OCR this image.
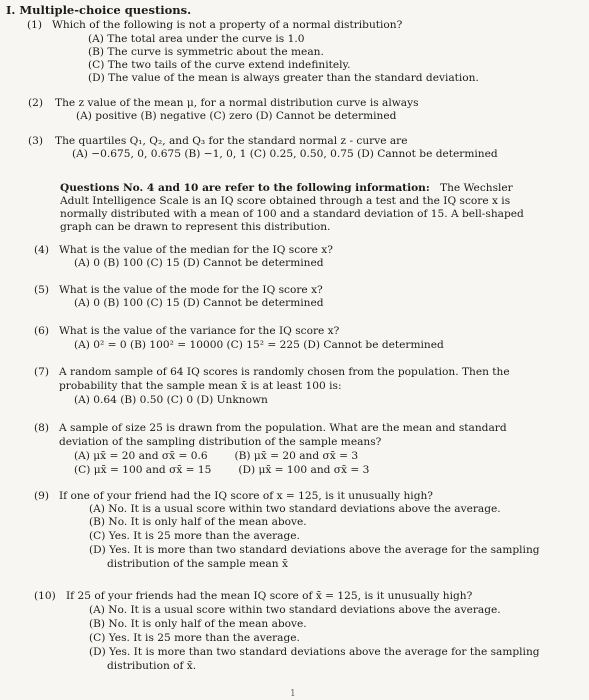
I. Multiple-choice questions.
(1) Which of the following is not a property of a normal distribution?
(A) The total area under the curve is 1.0
(B) The curve is symmetric about the mean.
(C) The two tails of the curve extend indefinitely.
(D) The value of the mean is always greater than the standard deviation.
(2) The z value of the mean μ, for a normal distribution curve is always
(A) positive (B) negative (C) zero (D) Cannot be determined
(3) The quartiles Q₁, Q₂, and Q₃ for the standard normal z - curve are
(A) −0.675, 0, 0.675 (B) −1, 0, 1 (C) 0.25, 0.50, 0.75 (D) Cannot be determined
Questions No. 4 and 10 are refer to the following information: The Wechsler
Adult Intelligence Scale is an IQ score obtained through a test and the IQ score x is
normally distributed with a mean of 100 and a standard deviation of 15. A bell-shaped
graph can be drawn to represent this distribution.
(4) What is the value of the median for the IQ score x?
(A) 0 (B) 100 (C) 15 (D) Cannot be determined
(5) What is the value of the mode for the IQ score x?
(A) 0 (B) 100 (C) 15 (D) Cannot be determined
(6) What is the value of the variance for the IQ score x?
(A) 0² = 0 (B) 100² = 10000 (C) 15² = 225 (D) Cannot be determined
(7) A random sample of 64 IQ scores is randomly chosen from the population. Then the
probability that the sample mean x̄ is at least 100 is:
(A) 0.64 (B) 0.50 (C) 0 (D) Unknown
(8) A sample of size 25 is drawn from the population. What are the mean and standard
deviation of the sampling distribution of the sample means?
(A) μx̄ = 20 and σx̄ = 0.6        (B) μx̄ = 20 and σx̄ = 3
(C) μx̄ = 100 and σx̄ = 15        (D) μx̄ = 100 and σx̄ = 3
(9) If one of your friend had the IQ score of x = 125, is it unusually high?
(A) No. It is a usual score within two standard deviations above the average.
(B) No. It is only half of the mean above.
(C) Yes. It is 25 more than the average.
(D) Yes. It is more than two standard deviations above the average for the sampling
distribution of the sample mean x̄
(10) If 25 of your friends had the mean IQ score of x̄ = 125, is it unusually high?
(A) No. It is a usual score within two standard deviations above the average.
(B) No. It is only half of the mean above.
(C) Yes. It is 25 more than the average.
(D) Yes. It is more than two standard deviations above the average for the sampling
distribution of x̄.
1
